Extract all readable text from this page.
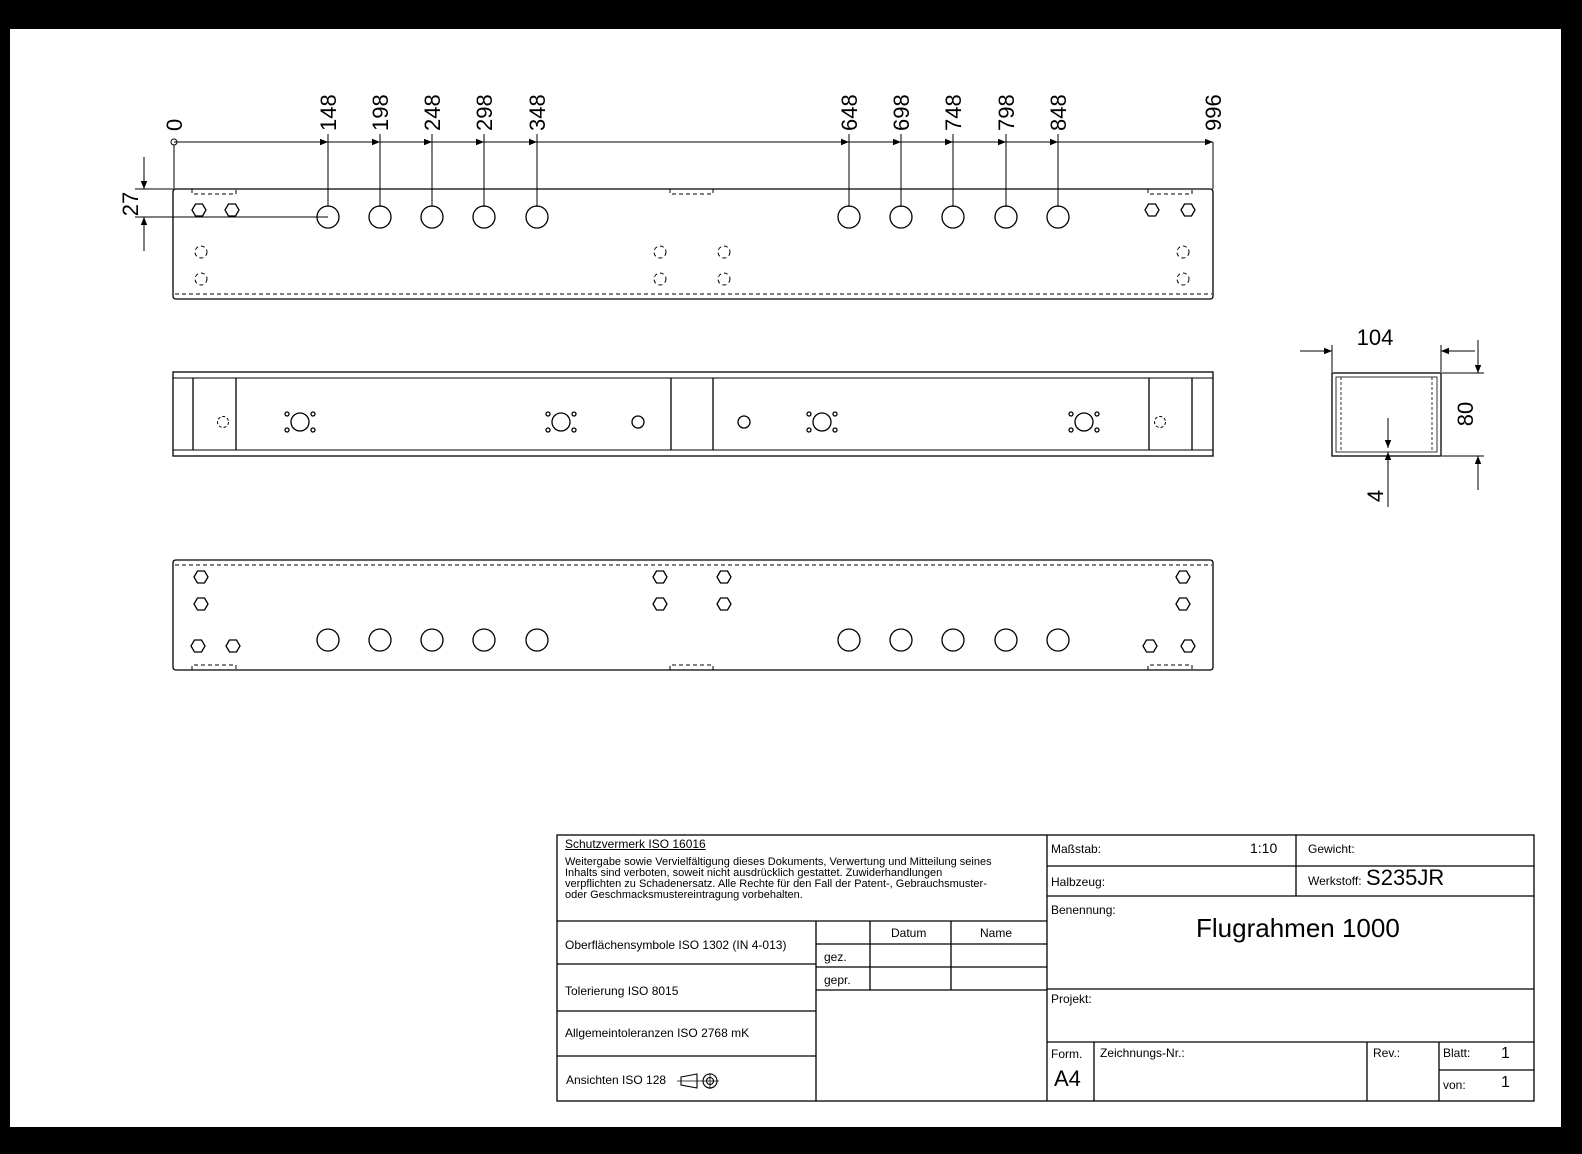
0	148 198 248 298 348	648 698 748 798 848	996
104
80
4
27
Schutzvermerk ISO 16016
Weitergabe sowie Vervielfältigung dieses Dokuments, Verwertung und Mitteilung seines
Inhalts sind verboten, soweit nicht ausdrücklich gestattet. Zuwiderhandlungen
verpflichten zu Schadenersatz. Alle Rechte für den Fall der Patent-, Gebrauchsmuster-
oder Geschmacksmustereintragung vorbehalten.
Oberflächensymbole ISO 1302 (IN 4-013)
Tolerierung ISO 8015
Allgemeintoleranzen ISO 2768 mK
Ansichten ISO 128
Datum	Name
gez.
gepr.
Maßstab:	1:10	Gewicht:
Halbzeug:	Werkstoff: S235JR
Benennung:
Flugrahmen 1000
Projekt:
Form.
A4
Zeichnungs-Nr.:	Rev.:	Blatt: 1
von: 1
